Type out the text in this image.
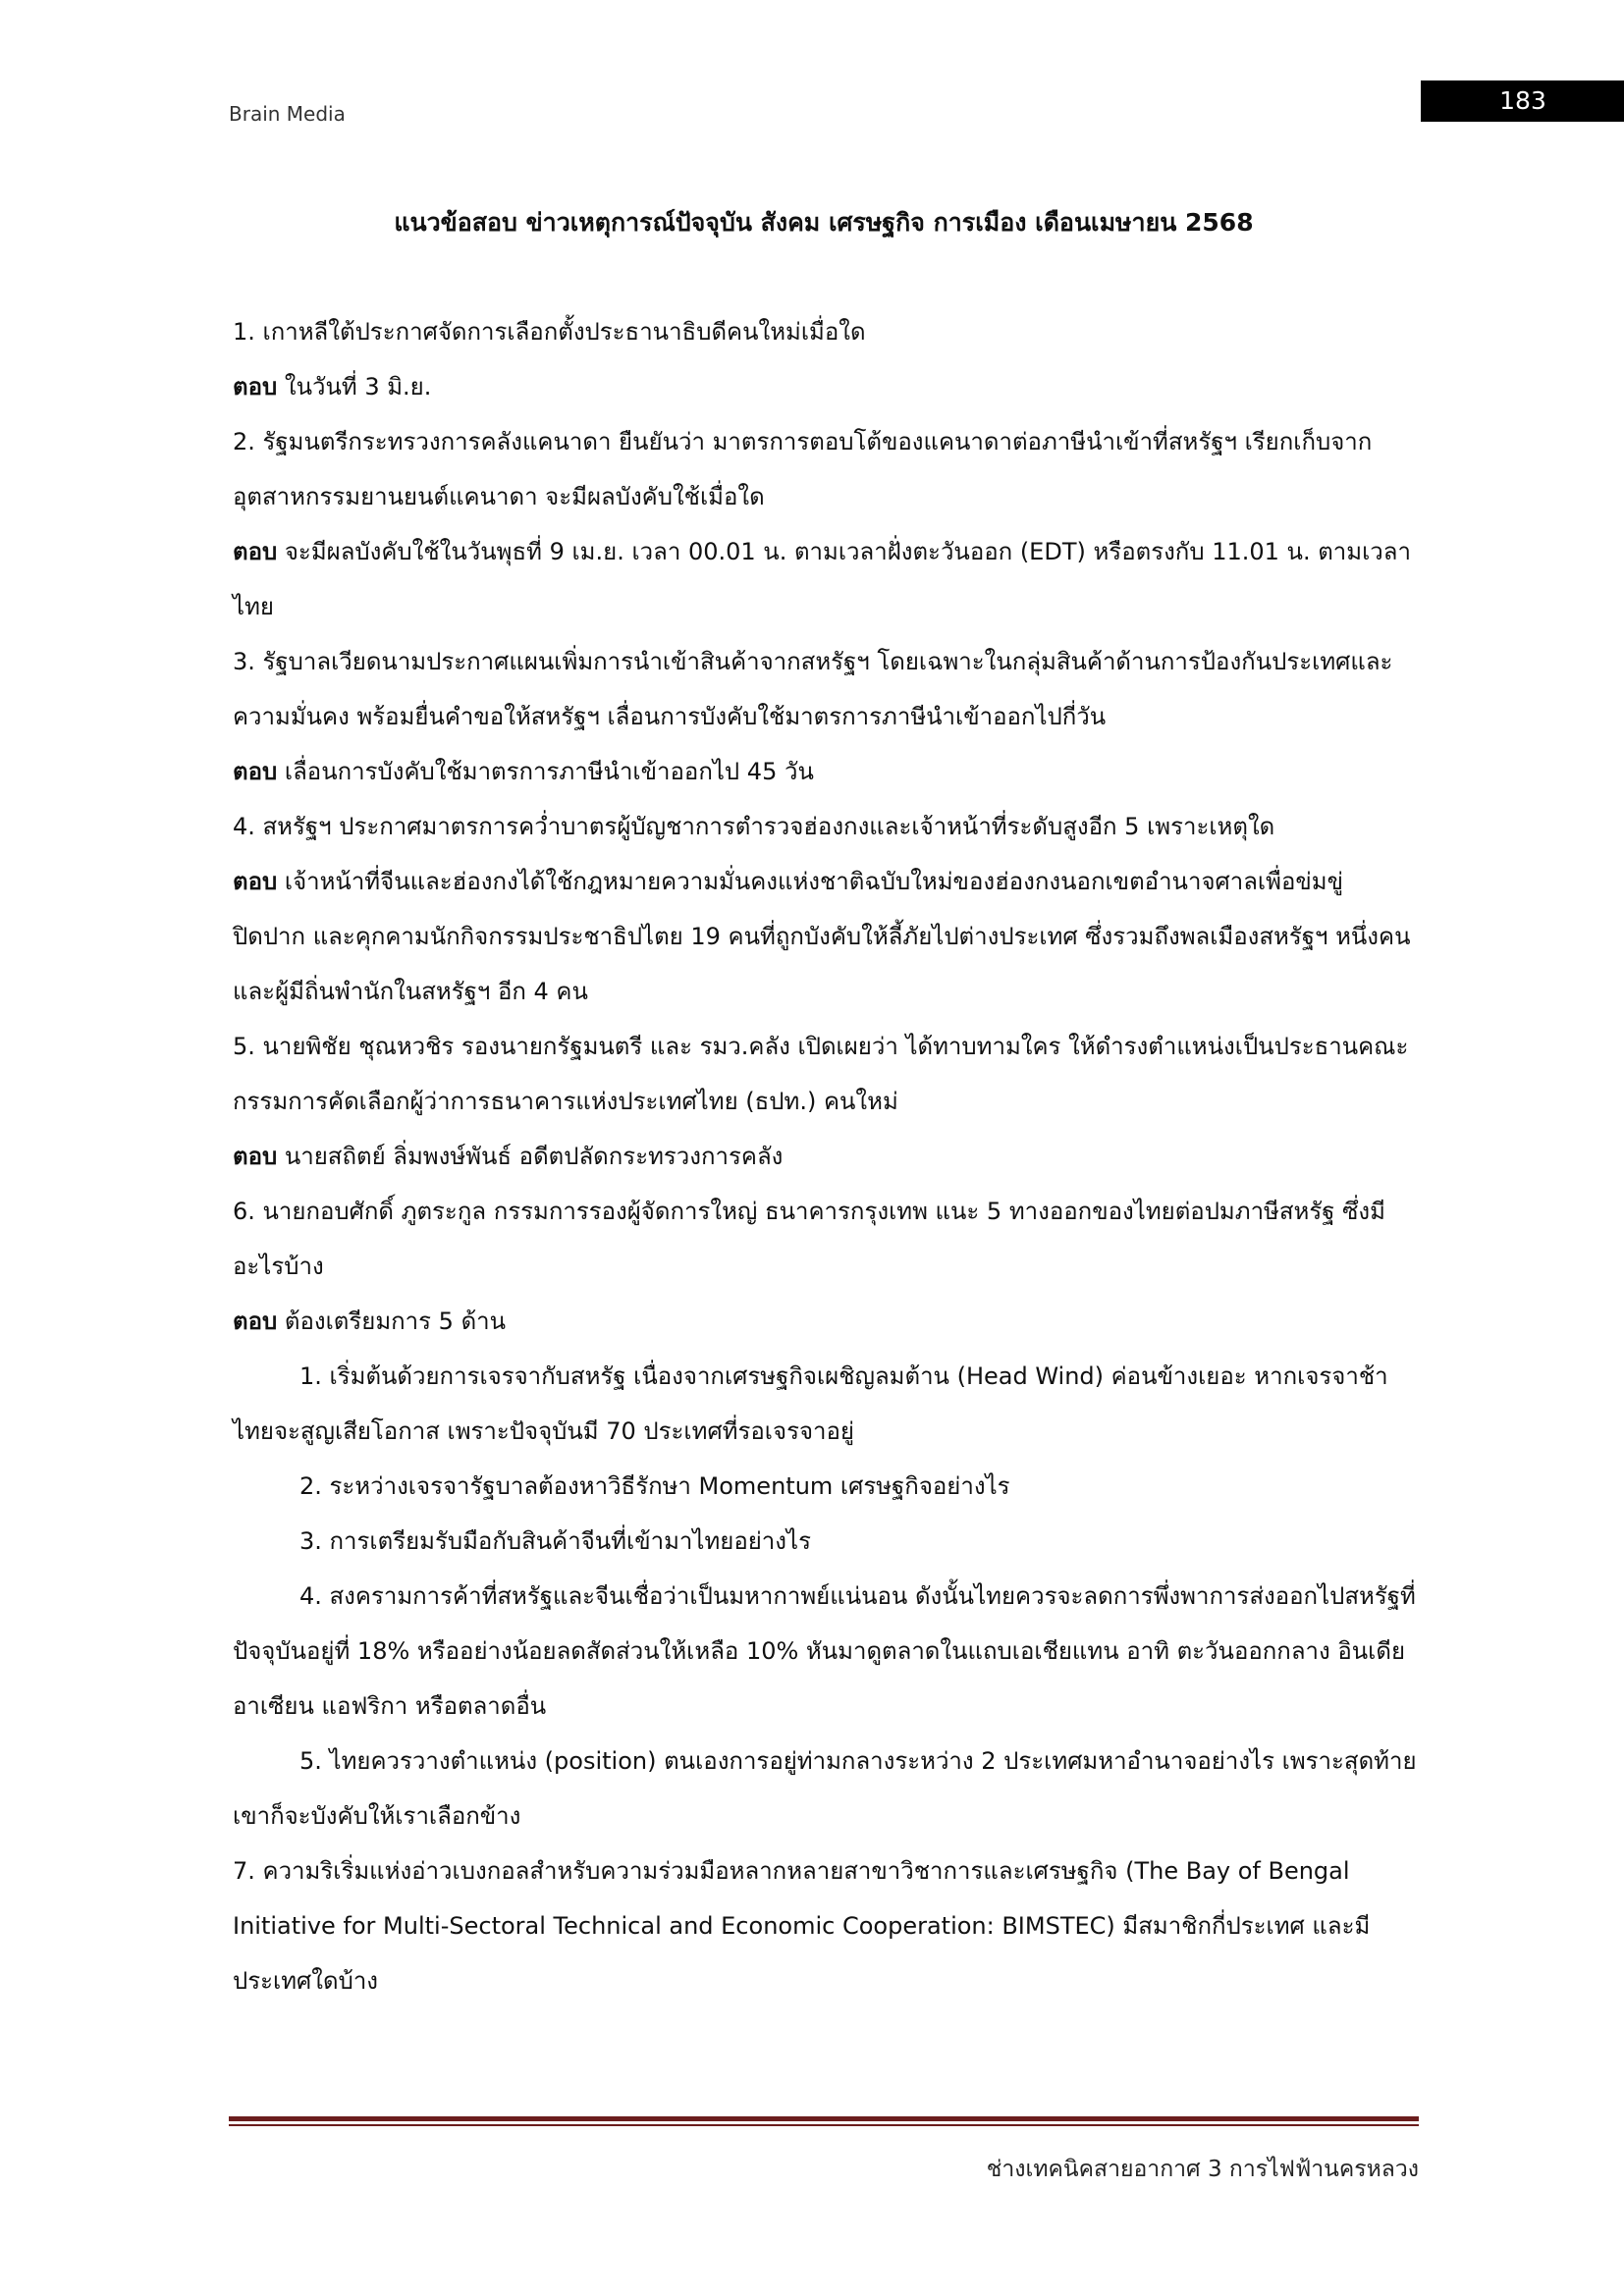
Brain Media	183
แนวข้อสอบ ข่าวเหตุการณ์ปัจจุบัน สังคม เศรษฐกิจ การเมือง เดือนเมษายน 2568

1. เกาหลีใต้ประกาศจัดการเลือกตั้งประธานาธิบดีคนใหม่เมื่อใด

ตอบ ในวันที่ 3 มิ.ย.

2. รัฐมนตรีกระทรวงการคลังแคนาดา ยืนยันว่า มาตรการตอบโต้ของแคนาดาต่อภาษีนำเข้าที่สหรัฐฯ เรียกเก็บจากอุตสาหกรรมยานยนต์แคนาดา จะมีผลบังคับใช้เมื่อใด

ตอบ จะมีผลบังคับใช้ในวันพุธที่ 9 เม.ย. เวลา 00.01 น. ตามเวลาฝั่งตะวันออก (EDT) หรือตรงกับ 11.01 น. ตามเวลาไทย

3. รัฐบาลเวียดนามประกาศแผนเพิ่มการนำเข้าสินค้าจากสหรัฐฯ โดยเฉพาะในกลุ่มสินค้าด้านการป้องกันประเทศและความมั่นคง พร้อมยื่นคำขอให้สหรัฐฯ เลื่อนการบังคับใช้มาตรการภาษีนำเข้าออกไปกี่วัน

ตอบ เลื่อนการบังคับใช้มาตรการภาษีนำเข้าออกไป 45 วัน

4. สหรัฐฯ ประกาศมาตรการคว่ำบาตรผู้บัญชาการตำรวจฮ่องกงและเจ้าหน้าที่ระดับสูงอีก 5 เพราะเหตุใด

ตอบ เจ้าหน้าที่จีนและฮ่องกงได้ใช้กฎหมายความมั่นคงแห่งชาติฉบับใหม่ของฮ่องกงนอกเขตอำนาจศาลเพื่อข่มขู่ ปิดปาก และคุกคามนักกิจกรรมประชาธิปไตย 19 คนที่ถูกบังคับให้ลี้ภัยไปต่างประเทศ ซึ่งรวมถึงพลเมืองสหรัฐฯ หนึ่งคนและผู้มีถิ่นพำนักในสหรัฐฯ อีก 4 คน

5. นายพิชัย ชุณหวชิร รองนายกรัฐมนตรี และ รมว.คลัง เปิดเผยว่า ได้ทาบทามใคร ให้ดำรงตำแหน่งเป็นประธานคณะกรรมการคัดเลือกผู้ว่าการธนาคารแห่งประเทศไทย (ธปท.) คนใหม่

ตอบ นายสถิตย์ ลิ่มพงษ์พันธ์ อดีตปลัดกระทรวงการคลัง

6. นายกอบศักดิ์ ภูตระกูล กรรมการรองผู้จัดการใหญ่ ธนาคารกรุงเทพ แนะ 5 ทางออกของไทยต่อปมภาษีสหรัฐ ซึ่งมีอะไรบ้าง

ตอบ ต้องเตรียมการ 5 ด้าน

1. เริ่มต้นด้วยการเจรจากับสหรัฐ เนื่องจากเศรษฐกิจเผชิญลมต้าน (Head Wind) ค่อนข้างเยอะ หากเจรจาช้า ไทยจะสูญเสียโอกาส เพราะปัจจุบันมี 70 ประเทศที่รอเจรจาอยู่

2. ระหว่างเจรจารัฐบาลต้องหาวิธีรักษา Momentum เศรษฐกิจอย่างไร

3. การเตรียมรับมือกับสินค้าจีนที่เข้ามาไทยอย่างไร

4. สงครามการค้าที่สหรัฐและจีนเชื่อว่าเป็นมหากาพย์แน่นอน ดังนั้นไทยควรจะลดการพึ่งพาการส่งออกไปสหรัฐที่ปัจจุบันอยู่ที่ 18% หรืออย่างน้อยลดสัดส่วนให้เหลือ 10% หันมาดูตลาดในแถบเอเชียแทน อาทิ ตะวันออกกลาง อินเดีย อาเซียน แอฟริกา หรือตลาดอื่น

5. ไทยควรวางตำแหน่ง (position) ตนเองการอยู่ท่ามกลางระหว่าง 2 ประเทศมหาอำนาจอย่างไร เพราะสุดท้ายเขาก็จะบังคับให้เราเลือกข้าง

7. ความริเริ่มแห่งอ่าวเบงกอลสำหรับความร่วมมือหลากหลายสาขาวิชาการและเศรษฐกิจ (The Bay of Bengal Initiative for Multi-Sectoral Technical and Economic Cooperation: BIMSTEC) มีสมาชิกกี่ประเทศ และมีประเทศใดบ้าง

ช่างเทคนิคสายอากาศ 3 การไฟฟ้านครหลวง
